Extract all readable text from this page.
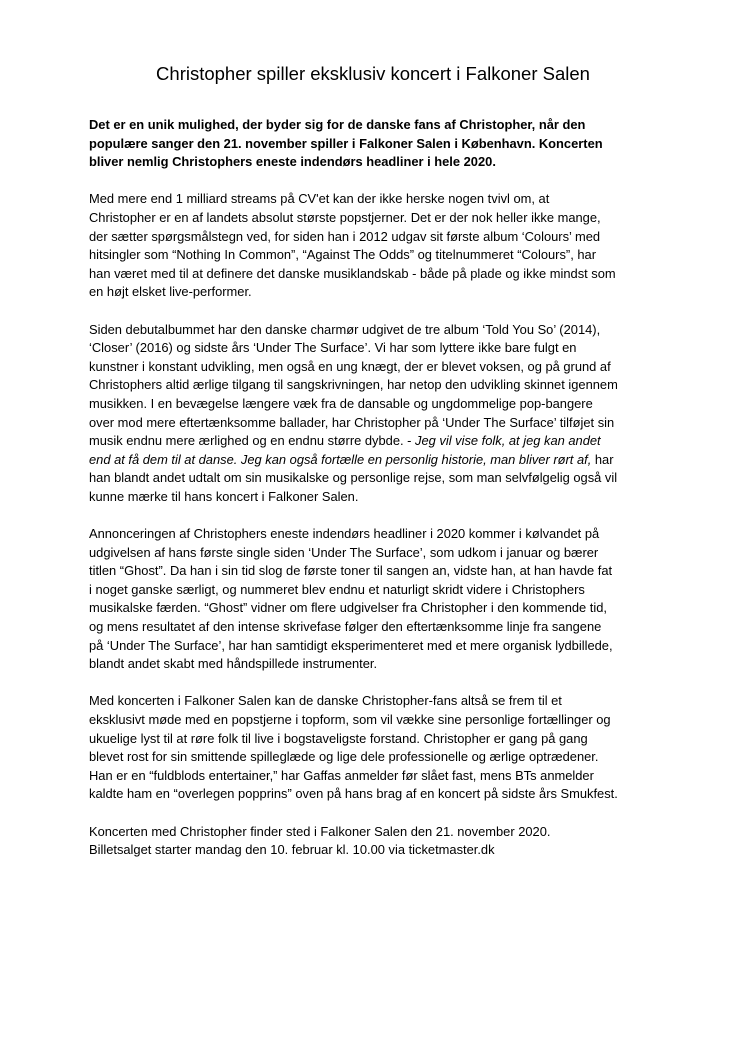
Christopher spiller eksklusiv koncert i Falkoner Salen

Det er en unik mulighed, der byder sig for de danske fans af Christopher, når den
populære sanger den 21. november spiller i Falkoner Salen i København. Koncerten
bliver nemlig Christophers eneste indendørs headliner i hele 2020.

Med mere end 1 milliard streams på CV'et kan der ikke herske nogen tvivl om, at
Christopher er en af landets absolut største popstjerner. Det er der nok heller ikke mange,
der sætter spørgsmålstegn ved, for siden han i 2012 udgav sit første album ‘Colours’ med
hitsingler som “Nothing In Common”, “Against The Odds” og titelnummeret “Colours”, har
han været med til at definere det danske musiklandskab - både på plade og ikke mindst som
en højt elsket live-performer.

Siden debutalbummet har den danske charmør udgivet de tre album ‘Told You So’ (2014),
‘Closer’ (2016) og sidste års ‘Under The Surface’. Vi har som lyttere ikke bare fulgt en
kunstner i konstant udvikling, men også en ung knægt, der er blevet voksen, og på grund af
Christophers altid ærlige tilgang til sangskrivningen, har netop den udvikling skinnet igennem
musikken. I en bevægelse længere væk fra de dansable og ungdommelige pop-bangere
over mod mere eftertænksomme ballader, har Christopher på ‘Under The Surface’ tilføjet sin
musik endnu mere ærlighed og en endnu større dybde. - Jeg vil vise folk, at jeg kan andet
end at få dem til at danse. Jeg kan også fortælle en personlig historie, man bliver rørt af, har
han blandt andet udtalt om sin musikalske og personlige rejse, som man selvfølgelig også vil
kunne mærke til hans koncert i Falkoner Salen.

Annonceringen af Christophers eneste indendørs headliner i 2020 kommer i kølvandet på
udgivelsen af hans første single siden ‘Under The Surface’, som udkom i januar og bærer
titlen “Ghost”. Da han i sin tid slog de første toner til sangen an, vidste han, at han havde fat
i noget ganske særligt, og nummeret blev endnu et naturligt skridt videre i Christophers
musikalske færden. “Ghost” vidner om flere udgivelser fra Christopher i den kommende tid,
og mens resultatet af den intense skrivefase følger den eftertænksomme linje fra sangene
på ‘Under The Surface’, har han samtidigt eksperimenteret med et mere organisk lydbillede,
blandt andet skabt med håndspillede instrumenter.

Med koncerten i Falkoner Salen kan de danske Christopher-fans altså se frem til et
eksklusivt møde med en popstjerne i topform, som vil vække sine personlige fortællinger og
ukuelige lyst til at røre folk til live i bogstaveligste forstand. Christopher er gang på gang
blevet rost for sin smittende spilleglæde og lige dele professionelle og ærlige optrædener.
Han er en “fuldblods entertainer,” har Gaffas anmelder før slået fast, mens BTs anmelder
kaldte ham en “overlegen popprins” oven på hans brag af en koncert på sidste års Smukfest.

Koncerten med Christopher finder sted i Falkoner Salen den 21. november 2020.
Billetsalget starter mandag den 10. februar kl. 10.00 via ticketmaster.dk
